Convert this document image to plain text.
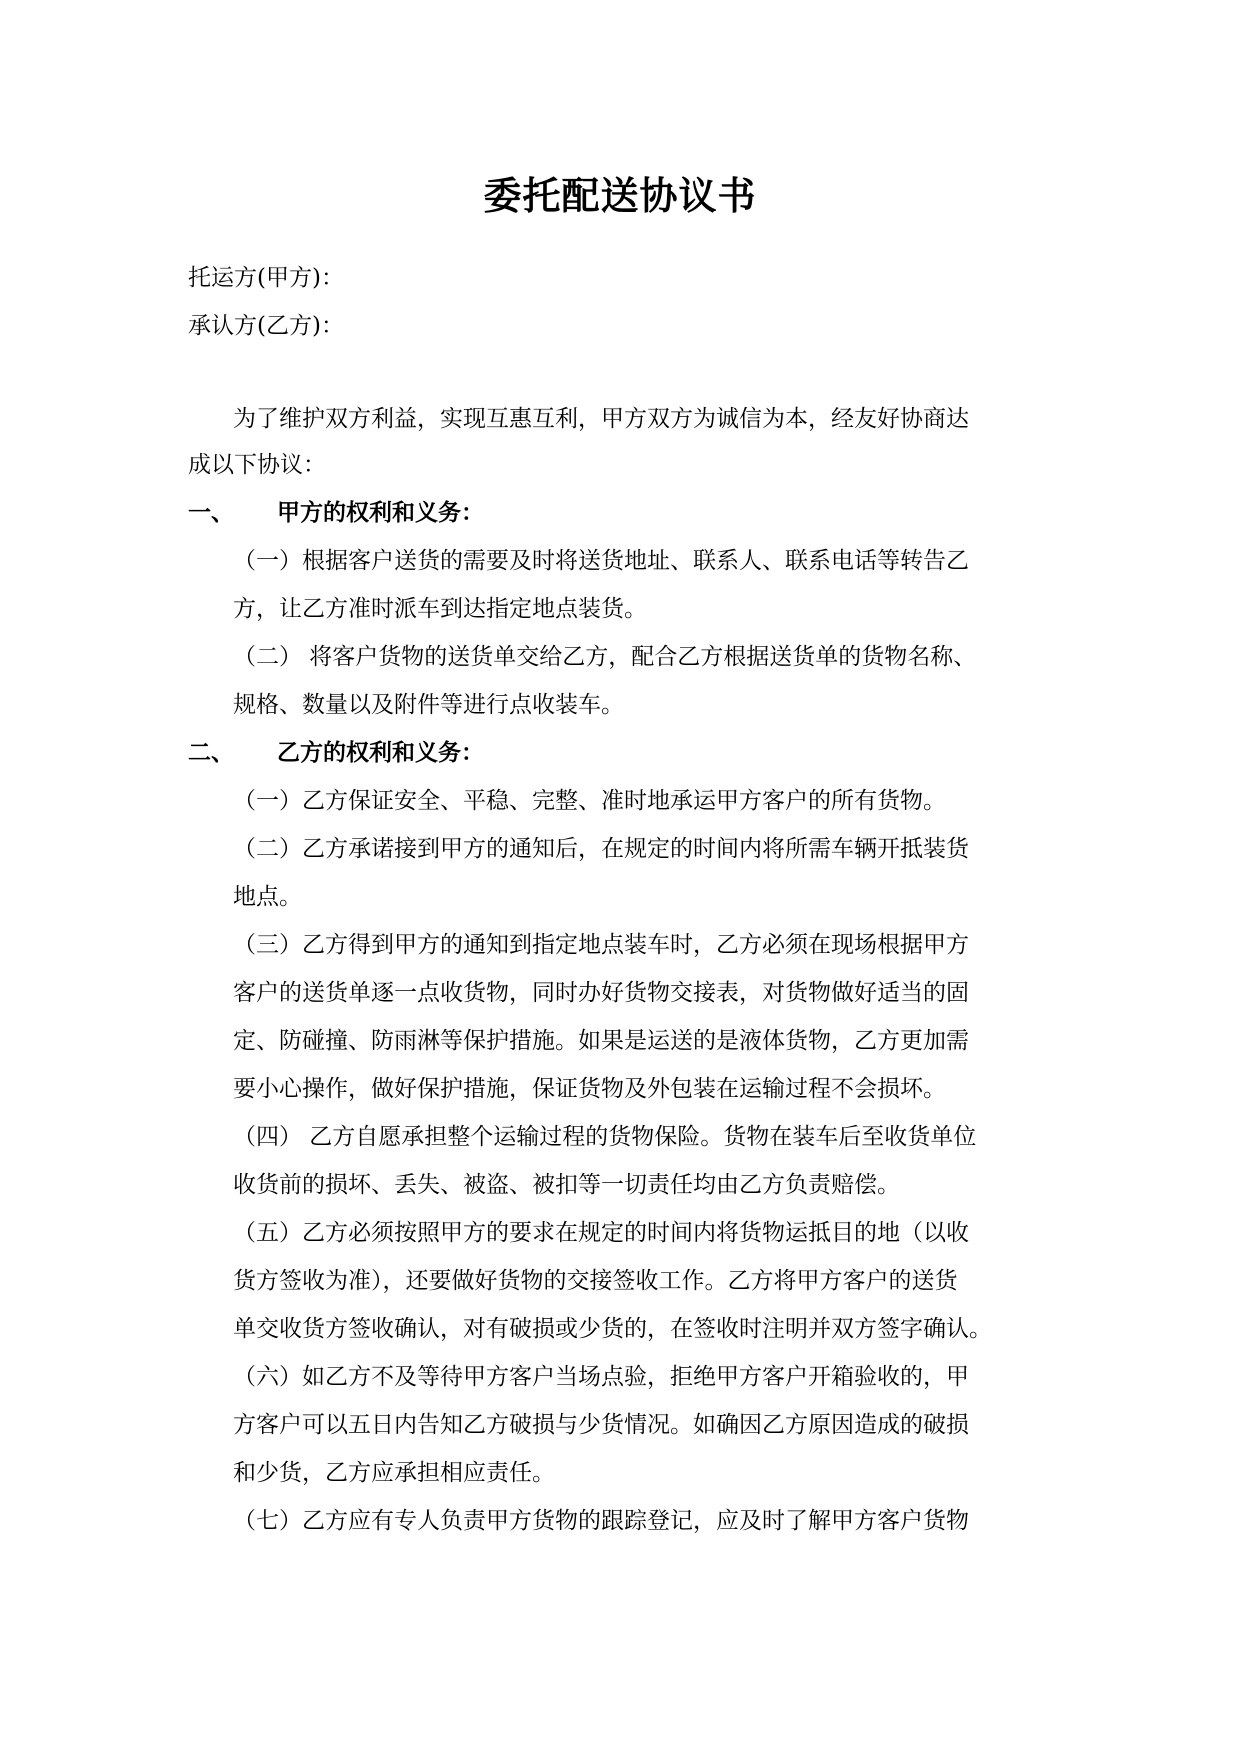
委托配送协议书
托运方(甲方)：
承认方(乙方)：
为了维护双方利益，实现互惠互利，甲方双方为诚信为本，经友好协商达
成以下协议：
一、 甲方的权利和义务：
（一）根据客户送货的需要及时将送货地址、联系人、联系电话等转告乙
方，让乙方准时派车到达指定地点装货。
（二） 将客户货物的送货单交给乙方，配合乙方根据送货单的货物名称、
规格、数量以及附件等进行点收装车。
二、 乙方的权利和义务：
（一）乙方保证安全、平稳、完整、准时地承运甲方客户的所有货物。
（二）乙方承诺接到甲方的通知后，在规定的时间内将所需车辆开抵装货
地点。
（三）乙方得到甲方的通知到指定地点装车时，乙方必须在现场根据甲方
客户的送货单逐一点收货物，同时办好货物交接表，对货物做好适当的固
定、防碰撞、防雨淋等保护措施。如果是运送的是液体货物，乙方更加需
要小心操作，做好保护措施，保证货物及外包装在运输过程不会损坏。
（四） 乙方自愿承担整个运输过程的货物保险。货物在装车后至收货单位
收货前的损坏、丢失、被盗、被扣等一切责任均由乙方负责赔偿。
（五）乙方必须按照甲方的要求在规定的时间内将货物运抵目的地（以收
货方签收为准），还要做好货物的交接签收工作。乙方将甲方客户的送货
单交收货方签收确认，对有破损或少货的，在签收时注明并双方签字确认。
（六）如乙方不及等待甲方客户当场点验，拒绝甲方客户开箱验收的，甲
方客户可以五日内告知乙方破损与少货情况。如确因乙方原因造成的破损
和少货，乙方应承担相应责任。
（七）乙方应有专人负责甲方货物的跟踪登记，应及时了解甲方客户货物
